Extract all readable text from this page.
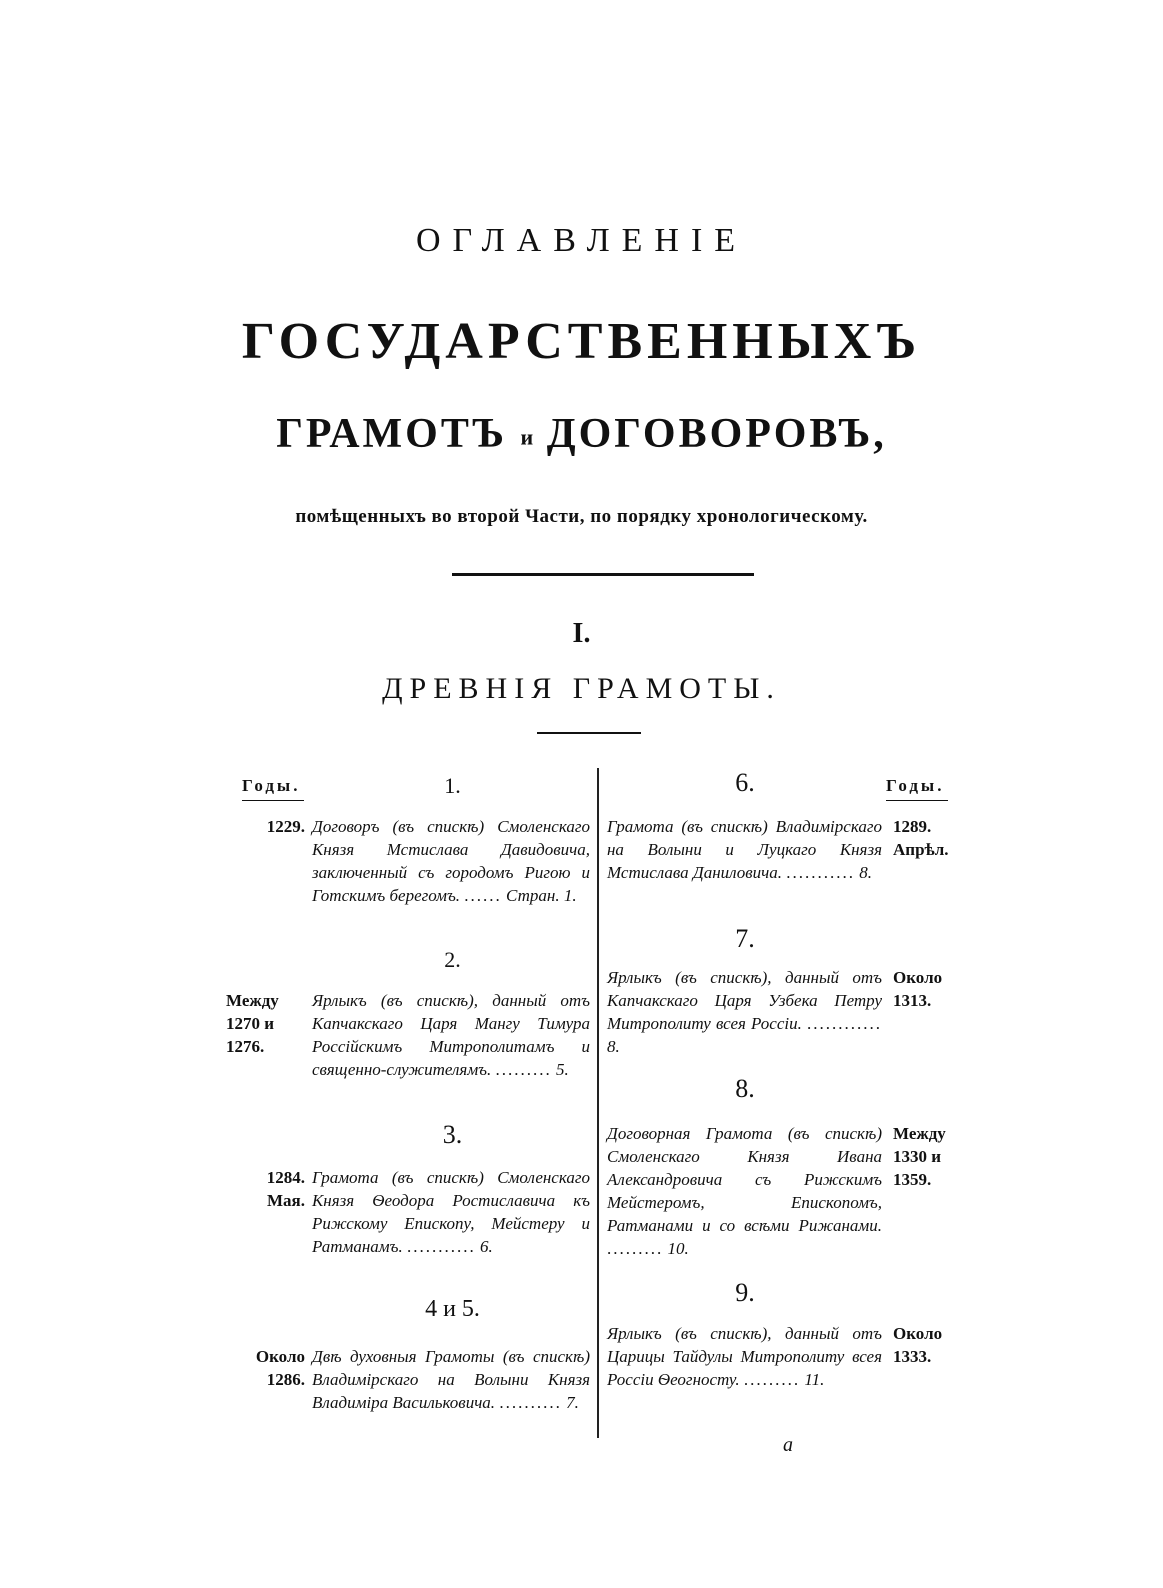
ОГЛАВЛЕНІЕ
ГОСУДАРСТВЕННЫХЪ
ГРАМОТЪ и ДОГОВОРОВЪ,
помѣщенныхъ во второй Части, по порядку хронологическому.
I.
ДРЕВНІЯ ГРАМОТЫ.
Годы.	Годы.
1.
1229. Договоръ (въ спискѣ) Смоленскаго Князя Мстислава Давидовича, заключенный съ городомъ Ригою и Готскимъ берегомъ. ...... Стран. 1.
2.
Между 1270 и 1276.
Ярлыкъ (въ спискѣ), данный отъ Капчакскаго Царя Мангу Тимура Россійскимъ Митрополитамъ и священно-служителямъ. ......... 5.
3.
1284. Мая.
Грамота (въ спискѣ) Смоленскаго Князя Ѳеодора Ростиславича къ Рижскому Епископу, Мейстеру и Ратманамъ. ........... 6.
4 и 5.
Около 1286.
Двѣ духовныя Грамоты (въ спискѣ) Владимірскаго на Волыни Князя Владиміра Васильковича. .......... 7.
6.
1289. Апрѣл.
Грамота (въ спискѣ) Владимірскаго на Волыни и Луцкаго Князя Мстислава Даниловича. ........... 8.
7.
Около 1313.
Ярлыкъ (въ спискѣ), данный отъ Капчакскаго Царя Узбека Петру Митрополиту всея Россіи. ............ 8.
8.
Между 1330 и 1359.
Договорная Грамота (въ спискѣ) Смоленскаго Князя Ивана Александровича съ Рижскимъ Мейстеромъ, Епископомъ, Ратманами и со всѣми Рижанами. ......... 10.
9.
Около 1333.
Ярлыкъ (въ спискѣ), данный отъ Царицы Тайдулы Митрополиту всея Россіи Ѳеогносту. ......... 11.
a
